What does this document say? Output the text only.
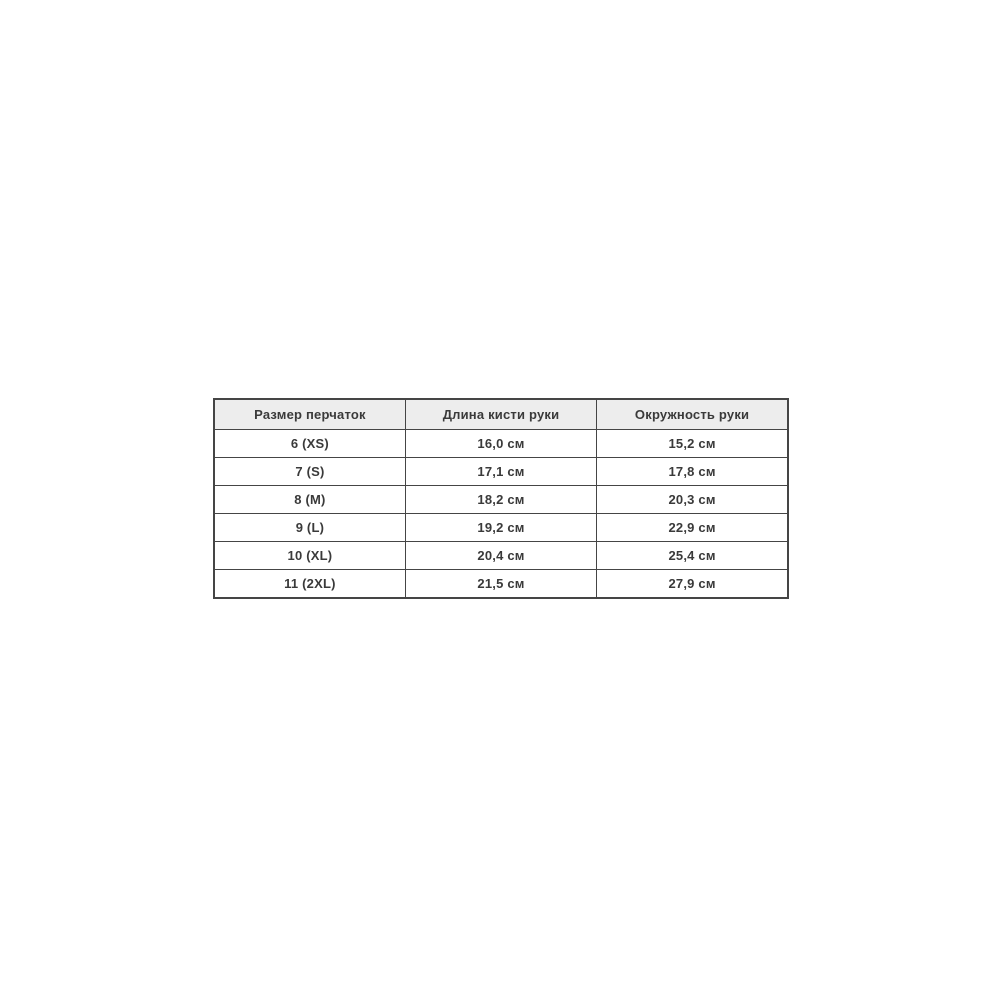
Размер перчаток	Длина кисти руки	Окружность руки
6 (XS)	16,0 см	15,2 см
7 (S)	17,1 см	17,8 см
8 (M)	18,2 см	20,3 см
9 (L)	19,2 см	22,9 см
10 (XL)	20,4 см	25,4 см
11 (2XL)	21,5 см	27,9 см
